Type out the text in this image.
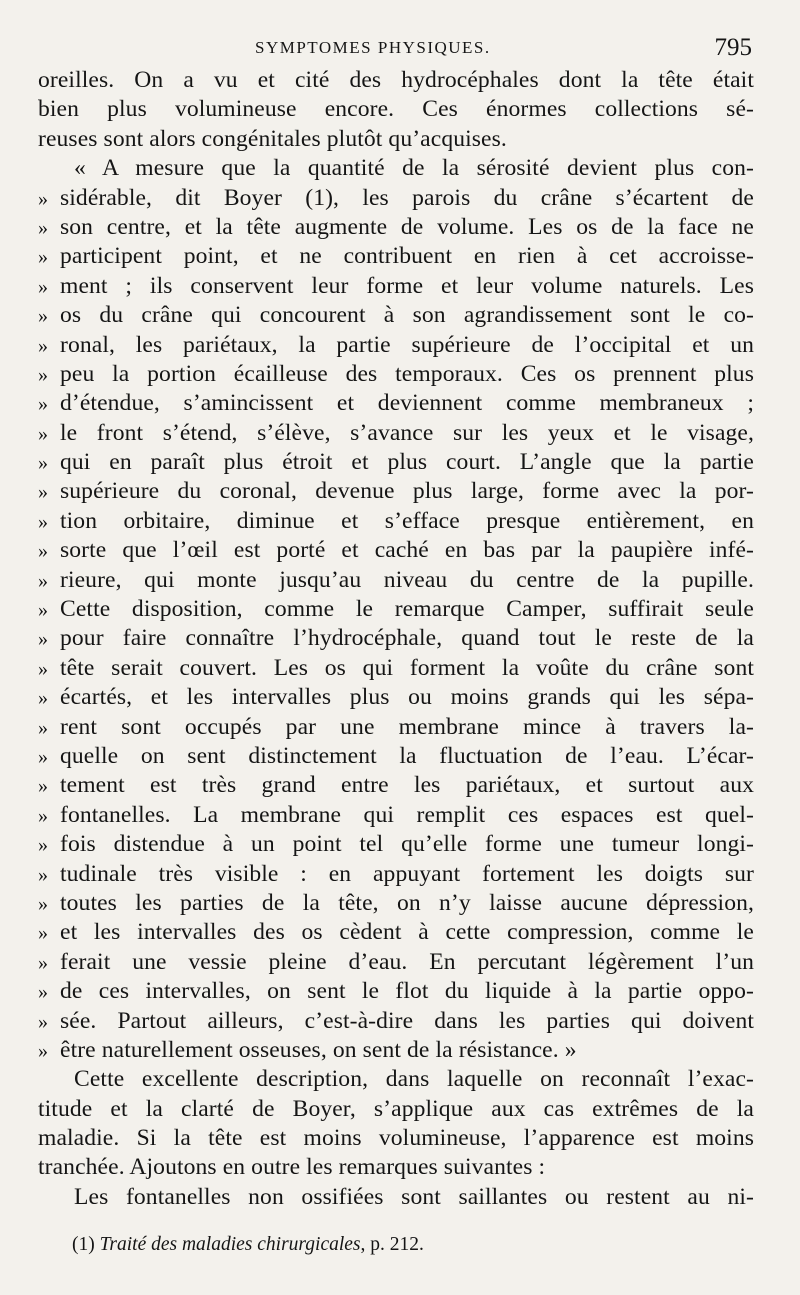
SYMPTOMES PHYSIQUES.	795
oreilles. On a vu et cité des hydrocéphales dont la tête était
bien plus volumineuse encore. Ces énormes collections sé-
reuses sont alors congénitales plutôt qu’acquises.
« A mesure que la quantité de la sérosité devient plus con-
» sidérable, dit Boyer (1), les parois du crâne s’écartent de
» son centre, et la tête augmente de volume. Les os de la face ne
» participent point, et ne contribuent en rien à cet accroisse-
» ment ; ils conservent leur forme et leur volume naturels. Les
» os du crâne qui concourent à son agrandissement sont le co-
» ronal, les pariétaux, la partie supérieure de l’occipital et un
» peu la portion écailleuse des temporaux. Ces os prennent plus
» d’étendue, s’amincissent et deviennent comme membraneux ;
» le front s’étend, s’élève, s’avance sur les yeux et le visage,
» qui en paraît plus étroit et plus court. L’angle que la partie
» supérieure du coronal, devenue plus large, forme avec la por-
» tion orbitaire, diminue et s’efface presque entièrement, en
» sorte que l’œil est porté et caché en bas par la paupière infé-
» rieure, qui monte jusqu’au niveau du centre de la pupille.
» Cette disposition, comme le remarque Camper, suffirait seule
» pour faire connaître l’hydrocéphale, quand tout le reste de la
» tête serait couvert. Les os qui forment la voûte du crâne sont
» écartés, et les intervalles plus ou moins grands qui les sépa-
» rent sont occupés par une membrane mince à travers la-
» quelle on sent distinctement la fluctuation de l’eau. L’écar-
» tement est très grand entre les pariétaux, et surtout aux
» fontanelles. La membrane qui remplit ces espaces est quel-
» fois distendue à un point tel qu’elle forme une tumeur longi-
» tudinale très visible : en appuyant fortement les doigts sur
» toutes les parties de la tête, on n’y laisse aucune dépression,
» et les intervalles des os cèdent à cette compression, comme le
» ferait une vessie pleine d’eau. En percutant légèrement l’un
» de ces intervalles, on sent le flot du liquide à la partie oppo-
» sée. Partout ailleurs, c’est-à-dire dans les parties qui doivent
» être naturellement osseuses, on sent de la résistance. »
Cette excellente description, dans laquelle on reconnaît l’exac-
titude et la clarté de Boyer, s’applique aux cas extrêmes de la
maladie. Si la tête est moins volumineuse, l’apparence est moins
tranchée. Ajoutons en outre les remarques suivantes :
Les fontanelles non ossifiées sont saillantes ou restent au ni-
(1) Traité des maladies chirurgicales, p. 212.
